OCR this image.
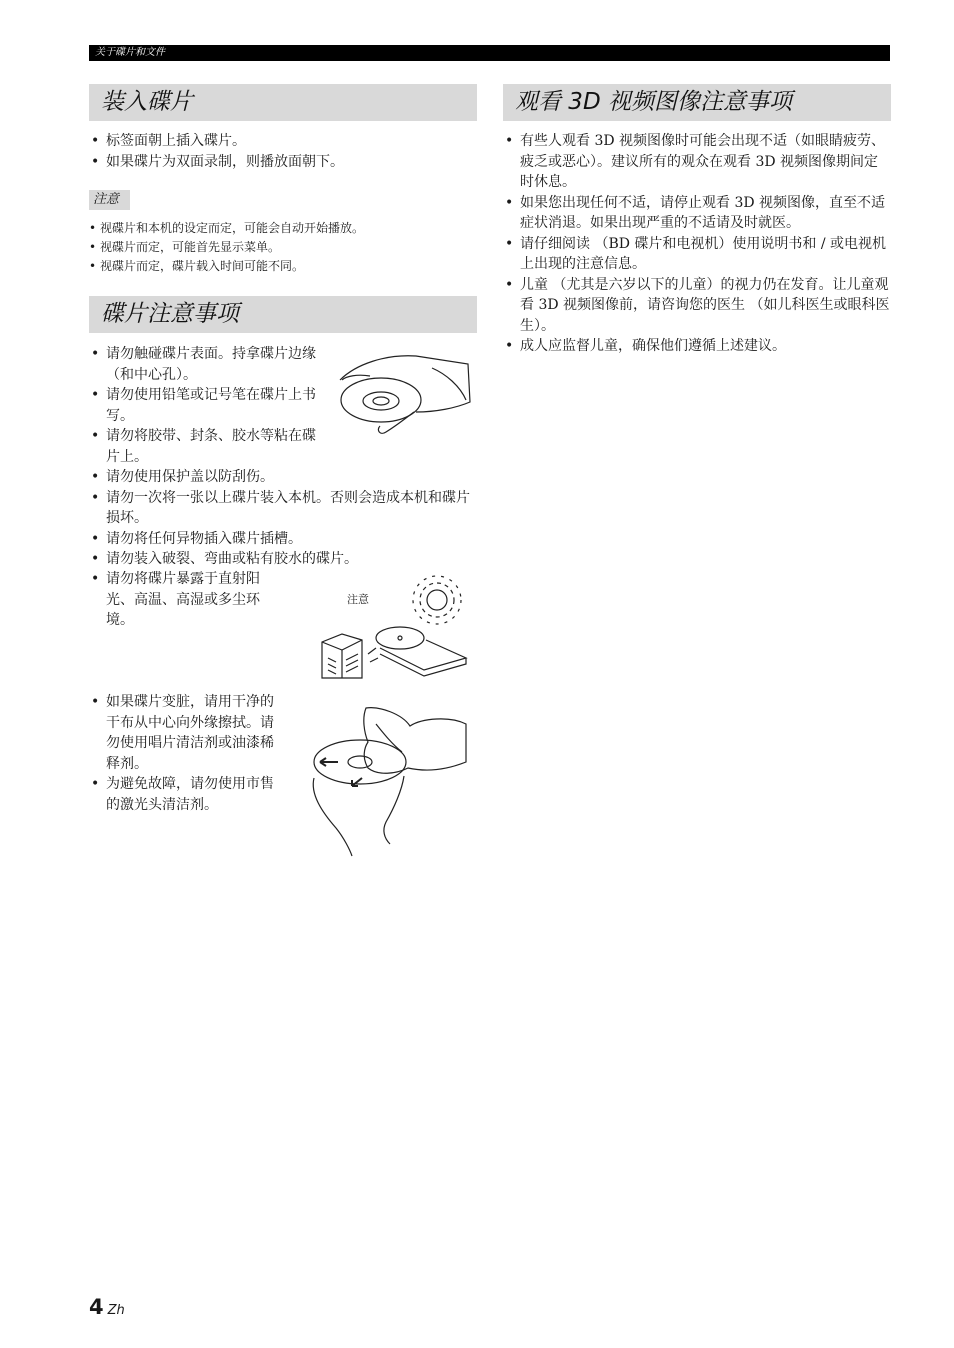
关于碟片和文件
装入碟片
• 标签面朝上插入碟片。
• 如果碟片为双面录制，则播放面朝下。
注意
• 视碟片和本机的设定而定，可能会自动开始播放。
• 视碟片而定，可能首先显示菜单。
• 视碟片而定，碟片载入时间可能不同。
碟片注意事项
• 请勿触碰碟片表面。持拿碟片边缘 （和中心孔）。
• 请勿使用铅笔或记号笔在碟片上书写。
• 请勿将胶带、封条、胶水等粘在碟片上。
• 请勿使用保护盖以防刮伤。
• 请勿一次将一张以上碟片装入本机。否则会造成本机和碟片损坏。
• 请勿将任何异物插入碟片插槽。
• 请勿装入破裂、弯曲或粘有胶水的碟片。
• 请勿将碟片暴露于直射阳光、高温、高湿或多尘环境。
• 如果碟片变脏，请用干净的干布从中心向外缘擦拭。请勿使用唱片清洁剂或油漆稀释剂。
• 为避免故障，请勿使用市售的激光头清洁剂。
注意
观看 3D 视频图像注意事项
• 有些人观看 3D 视频图像时可能会出现不适（如眼睛疲劳、疲乏或恶心）。建议所有的观众在观看 3D 视频图像期间定时休息。
• 如果您出现任何不适，请停止观看 3D 视频图像，直至不适症状消退。如果出现严重的不适请及时就医。
• 请仔细阅读 （BD 碟片和电视机）使用说明书和 / 或电视机上出现的注意信息。
• 儿童 （尤其是六岁以下的儿童）的视力仍在发育。让儿童观看 3D 视频图像前，请咨询您的医生 （如儿科医生或眼科医生）。
• 成人应监督儿童，确保他们遵循上述建议。
4 Zh
